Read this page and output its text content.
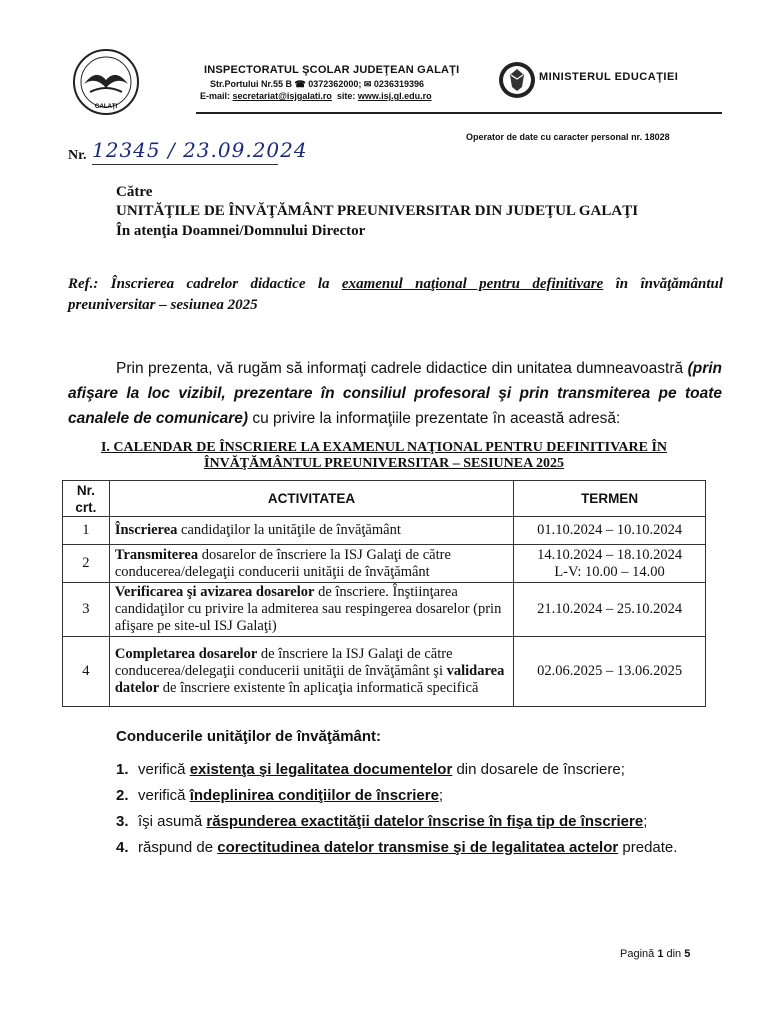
GALAŢI
INSPECTORATUL ŞCOLAR JUDEŢEAN GALAŢI
Str.Portului Nr.55 B ☎ 0372362000; ✉ 0236319396
E-mail: secretariat@isjgalati.ro site: www.isj.gl.edu.ro
MINISTERUL EDUCAŢIEI
Operator de date cu caracter personal nr. 18028
Nr. 12345 / 23.09.2024
Către
UNITĂŢILE DE ÎNVĂŢĂMÂNT PREUNIVERSITAR DIN JUDEŢUL GALAŢI
În atenţia Doamnei/Domnului Director
Ref.: Înscrierea cadrelor didactice la examenul naţional pentru definitivare în învăţământul preuniversitar – sesiunea 2025
Prin prezenta, vă rugăm să informaţi cadrele didactice din unitatea dumneavoastră (prin afişare la loc vizibil, prezentare în consiliul profesoral şi prin transmiterea pe toate canalele de comunicare) cu privire la informaţiile prezentate în această adresă:
I. CALENDAR DE ÎNSCRIERE LA EXAMENUL NAŢIONAL PENTRU DEFINITIVARE ÎN ÎNVĂŢĂMÂNTUL PREUNIVERSITAR – SESIUNEA 2025
Nr. crt.	ACTIVITATEA	TERMEN
1	Înscrierea candidaţilor la unităţile de învăţământ	01.10.2024 – 10.10.2024
2	Transmiterea dosarelor de înscriere la ISJ Galaţi de către conducerea/delegaţii conducerii unităţii de învăţământ	14.10.2024 – 18.10.2024
L-V: 10.00 – 14.00

3	Verificarea şi avizarea dosarelor de înscriere. Înştiinţarea candidaţilor cu privire la admiterea sau respingerea dosarelor (prin afişare pe site-ul ISJ Galaţi)	21.10.2024 – 25.10.2024
4	Completarea dosarelor de înscriere la ISJ Galaţi de către conducerea/delegaţii conducerii unităţii de învăţământ şi validarea datelor de înscriere existente în aplicaţia informatică specifică	02.06.2025 – 13.06.2025
Conducerile unităţilor de învăţământ:
1. verifică existenţa şi legalitatea documentelor din dosarele de înscriere;
2. verifică îndeplinirea condiţiilor de înscriere;
3. îşi asumă răspunderea exactităţii datelor înscrise în fişa tip de înscriere;
4. răspund de corectitudinea datelor transmise şi de legalitatea actelor predate.
Pagină 1 din 5
